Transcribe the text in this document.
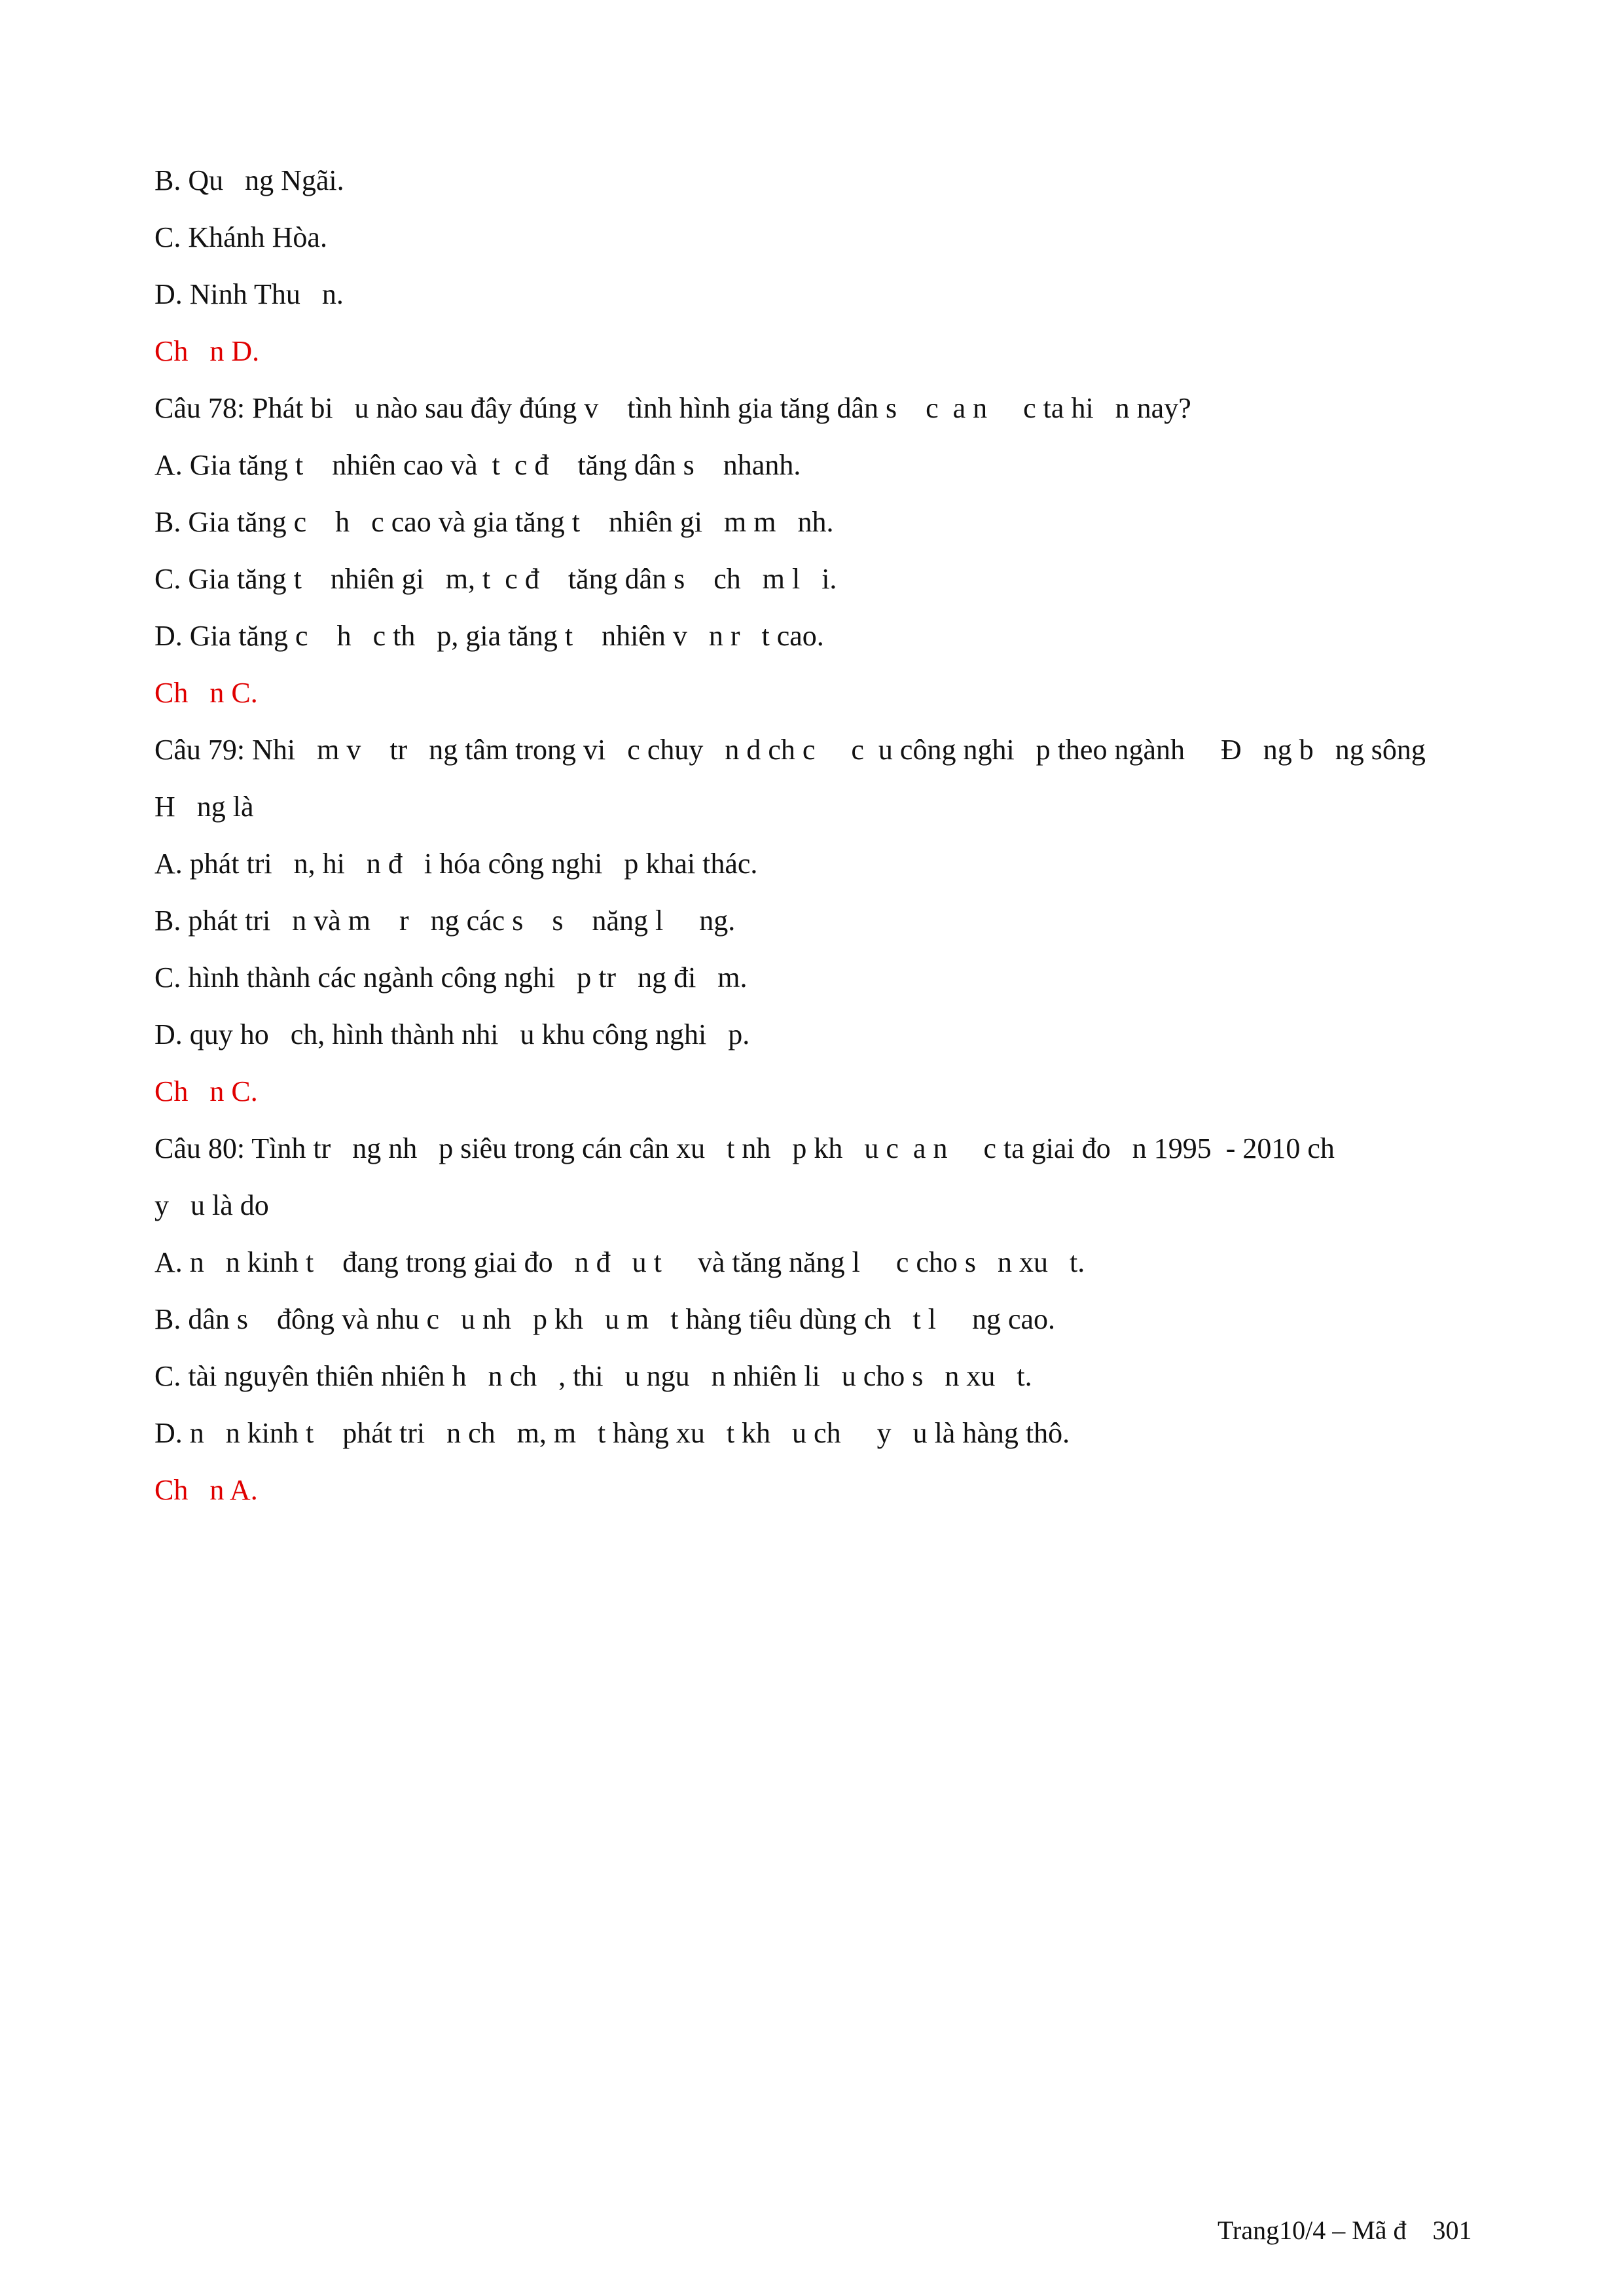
B. Qu   ng Ngãi.
C. Khánh Hòa.
D. Ninh Thu   n.
Ch   n D.
Câu 78: Phát bi   u nào sau đây đúng v    tình hình gia tăng dân s    c  a n     c ta hi   n nay?
A. Gia tăng t    nhiên cao và  t  c đ    tăng dân s    nhanh.
B. Gia tăng c    h   c cao và gia tăng t    nhiên gi   m m   nh.
C. Gia tăng t    nhiên gi   m, t  c đ    tăng dân s    ch   m l   i.
D. Gia tăng c    h   c th   p, gia tăng t    nhiên v   n r   t cao.
Ch   n C.
Câu 79: Nhi   m v    tr   ng tâm trong vi   c chuy   n d ch c     c  u công nghi   p theo ngành     Đ   ng b   ng sông
H   ng là
A. phát tri   n, hi   n đ   i hóa công nghi   p khai thác.
B. phát tri   n và m    r   ng các s    s    năng l     ng.
C. hình thành các ngành công nghi   p tr   ng đi   m.
D. quy ho   ch, hình thành nhi   u khu công nghi   p.
Ch   n C.
Câu 80: Tình tr   ng nh   p siêu trong cán cân xu   t nh   p kh   u c  a n     c ta giai đo   n 1995  - 2010 ch
y   u là do
A. n   n kinh t    đang trong giai đo   n đ   u t     và tăng năng l     c cho s   n xu   t.
B. dân s    đông và nhu c   u nh   p kh   u m   t hàng tiêu dùng ch   t l     ng cao.
C. tài nguyên thiên nhiên h   n ch   , thi   u ngu   n nhiên li   u cho s   n xu   t.
D. n   n kinh t    phát tri   n ch   m, m   t hàng xu   t kh   u ch     y   u là hàng thô.
Ch   n A.
Trang10/4 – Mã đ    301
